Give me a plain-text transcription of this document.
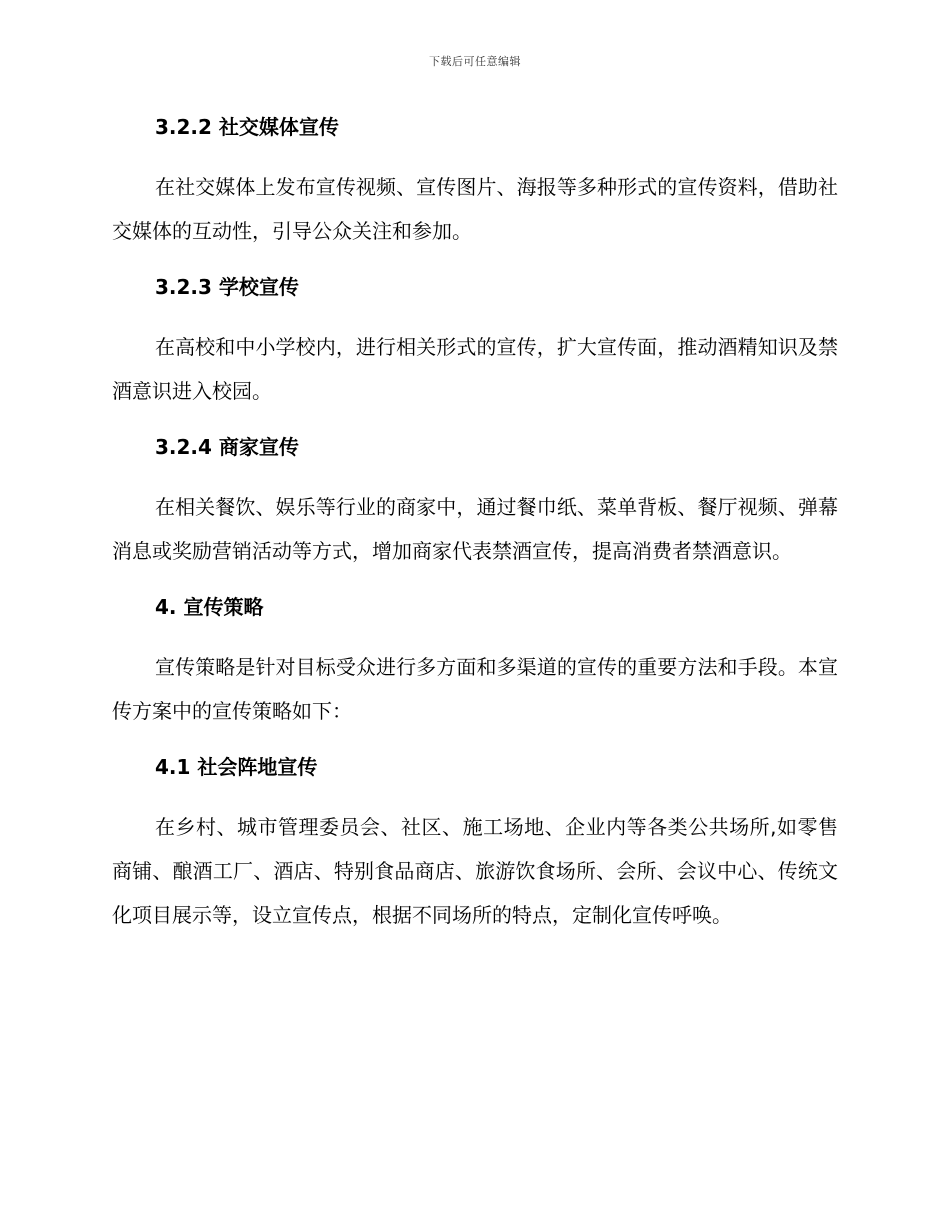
下载后可任意编辑
3.2.2 社交媒体宣传

在社交媒体上发布宣传视频、宣传图片、海报等多种形式的宣传资料，借助社交媒体的互动性，引导公众关注和参加。

3.2.3 学校宣传

在高校和中小学校内，进行相关形式的宣传，扩大宣传面，推动酒精知识及禁酒意识进入校园。

3.2.4 商家宣传

在相关餐饮、娱乐等行业的商家中，通过餐巾纸、菜单背板、餐厅视频、弹幕消息或奖励营销活动等方式，增加商家代表禁酒宣传，提高消费者禁酒意识。

4. 宣传策略

宣传策略是针对目标受众进行多方面和多渠道的宣传的重要方法和手段。本宣传方案中的宣传策略如下：

4.1 社会阵地宣传

在乡村、城市管理委员会、社区、施工场地、企业内等各类公共场所,如零售商铺、酿酒工厂、酒店、特别食品商店、旅游饮食场所、会所、会议中心、传统文化项目展示等，设立宣传点，根据不同场所的特点，定制化宣传呼唤。
